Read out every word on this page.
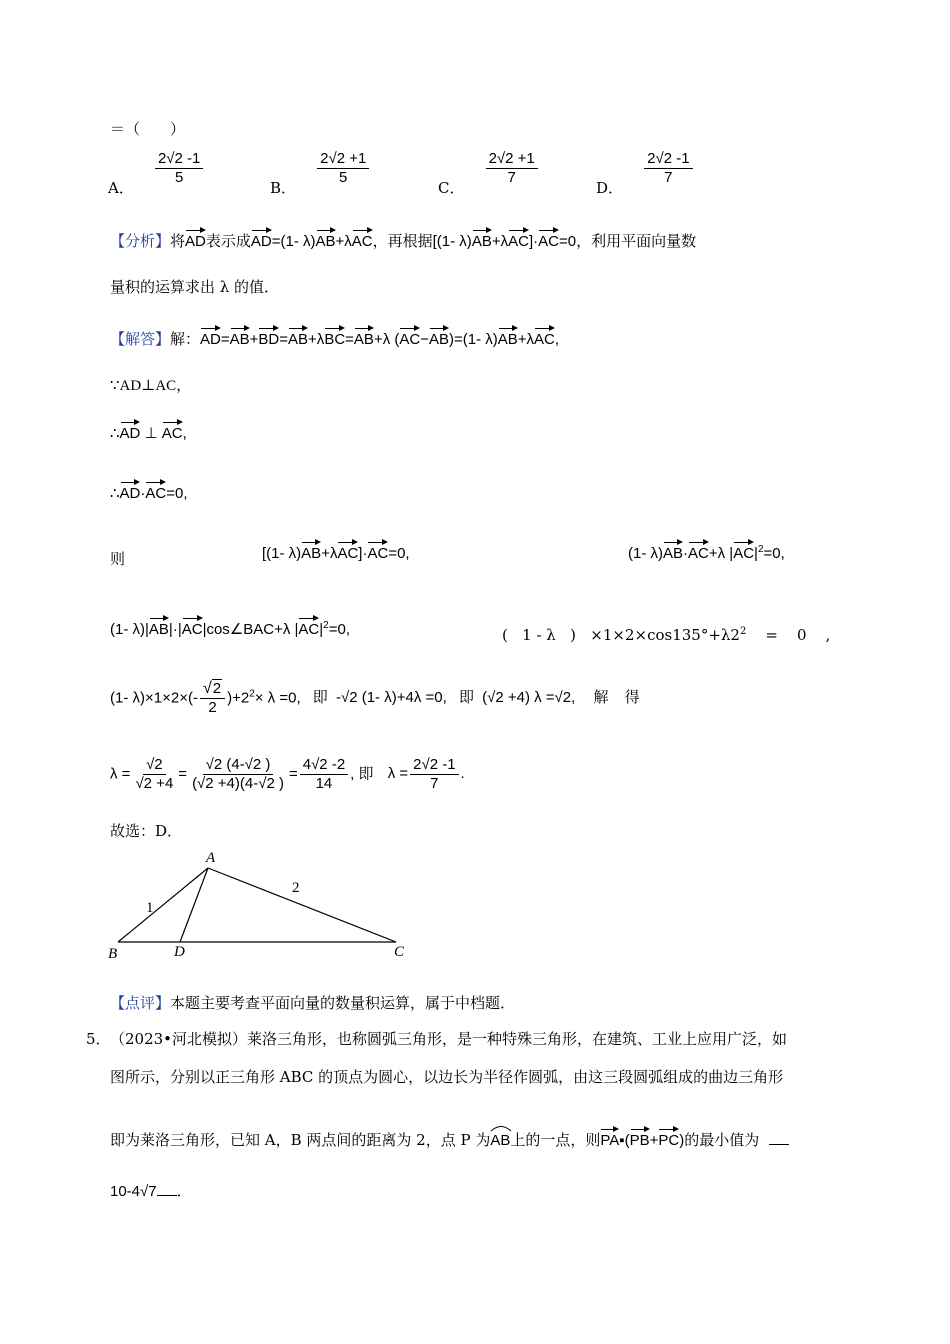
＝（　　）
A．
$\frac{2√2 -1}{5}$
B．
$\frac{2√2 +1}{5}$
C．
$\frac{2√2 +1}{7}$
D．
$\frac{2√2 -1}{7}$
【分析】将AD表示成AD=(1- λ)AB+λAC，再根据[(1- λ)AB+λAC]·AC=0，利用平面向量数
量积的运算求出 λ 的值．
【解答】解：AD=AB+BD=AB+λBC=AB+λ (AC−AB)=(1- λ)AB+λAC,
∵AD⊥AC，
∴AD ⊥ AC,
∴AD·AC=0,
则	[(1- λ)AB+λAC]·AC=0,	(1- λ)AB·AC+λ $|AC|^2=0$,
(1- λ)|AB|·|AC|cos∠BAC+λ $|AC|^2=0$,	(   1 - λ   )   $\times 1\times 2\times\cos 135^\circ+\lambda 2^2$    =    0    ,
(1- $\lambda)\times 1\times 2\times(- \frac{√2}{2} )+2^2\times \lambda =0$, 即 -√2 (1- λ)+4λ =0, 即 (√2 +4) λ =√2, 解 得
$\lambda = \frac{√2}{√2 +4} = \frac{√2 (4-√2 )}{(√2 +4)(4-√2 )} = \frac{4√2 -2}{14}$ , 即 $\lambda = \frac{2√2 -1}{7}$ .
故选：D．
A
B	C
D
1
2
【点评】本题主要考查平面向量的数量积运算，属于中档题．
5． （2023•河北模拟）莱洛三角形，也称圆弧三角形，是一种特殊三角形，在建筑、工业上应用广泛，如
图所示，分别以正三角形 ABC 的顶点为圆心，以边长为半径作圆弧，由这三段圆弧组成的曲边三角形
即为莱洛三角形，已知 A，B 两点间的距离为 2，点 P 为AB
上的一点，则PA▪(PB+PC)的最小值为
10-4√7 ．
